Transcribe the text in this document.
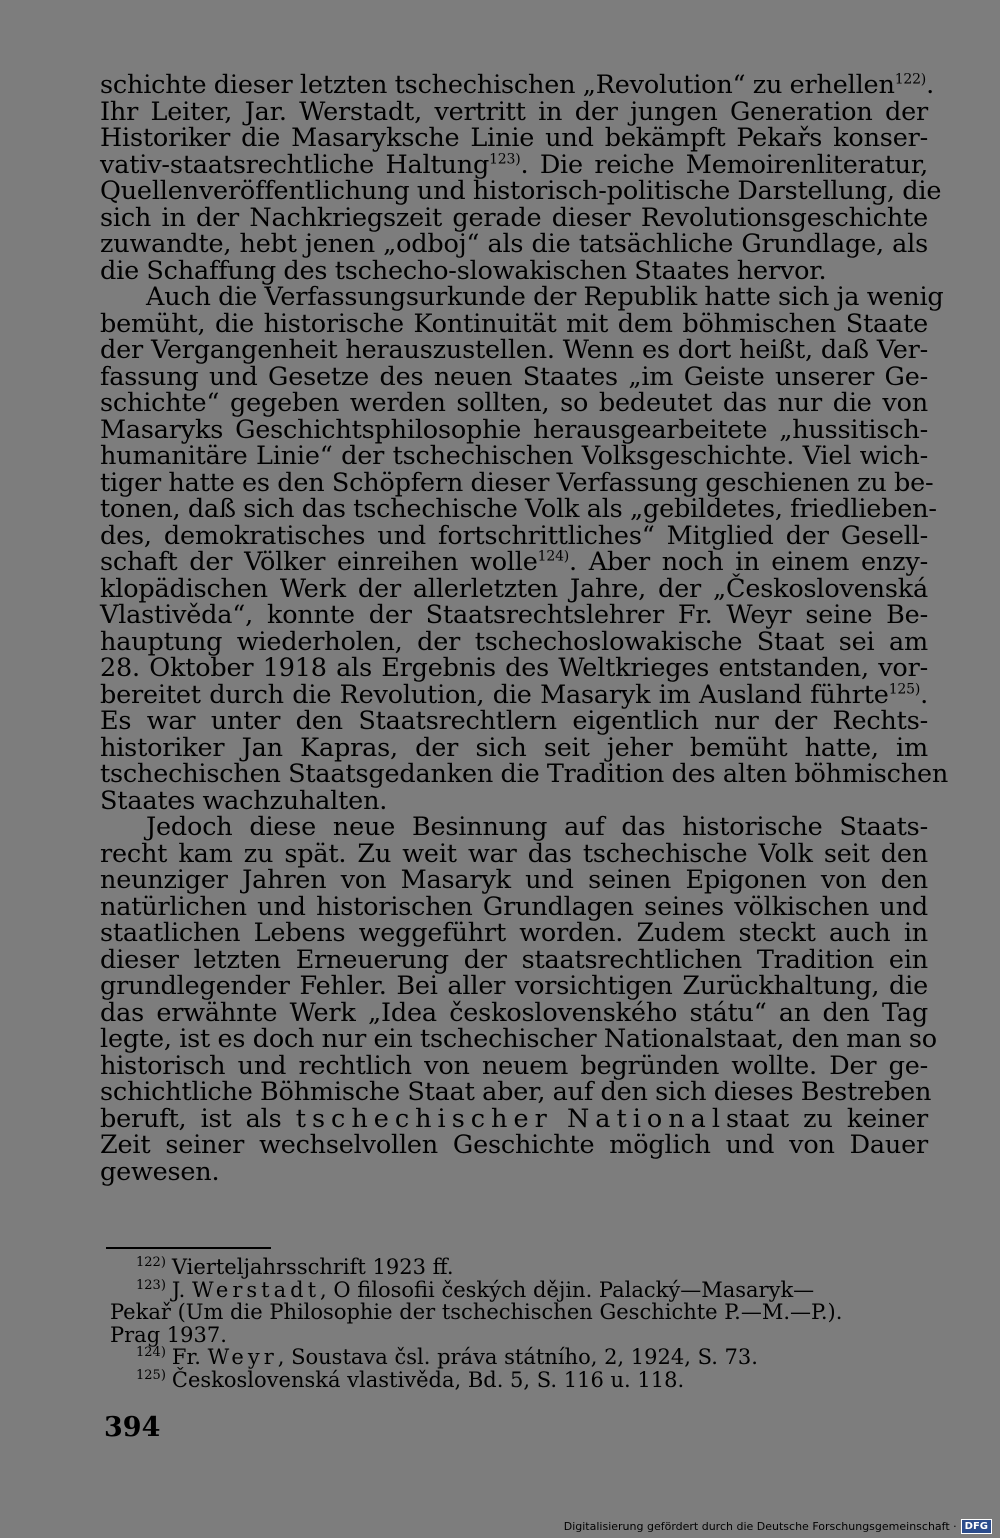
schichte dieser letzten tschechischen „Revolution“ zu erhellen$^{122)}$.
Ihr Leiter, Jar. Werstadt, vertritt in der jungen Generation der
Historiker die Masaryksche Linie und bekämpft Pekařs konser-
vativ-staatsrechtliche Haltung$^{123)}$. Die reiche Memoirenliteratur,
Quellenveröffentlichung und historisch-politische Darstellung, die
sich in der Nachkriegszeit gerade dieser Revolutionsgeschichte
zuwandte, hebt jenen „odboj“ als die tatsächliche Grundlage, als
die Schaffung des tschecho-slowakischen Staates hervor.

Auch die Verfassungsurkunde der Republik hatte sich ja wenig
bemüht, die historische Kontinuität mit dem böhmischen Staate
der Vergangenheit herauszustellen. Wenn es dort heißt, daß Ver-
fassung und Gesetze des neuen Staates „im Geiste unserer Ge-
schichte“ gegeben werden sollten, so bedeutet das nur die von
Masaryks Geschichtsphilosophie herausgearbeitete „hussitisch-
humanitäre Linie“ der tschechischen Volksgeschichte. Viel wich-
tiger hatte es den Schöpfern dieser Verfassung geschienen zu be-
tonen, daß sich das tschechische Volk als „gebildetes, friedlieben-
des, demokratisches und fortschrittliches“ Mitglied der Gesell-
schaft der Völker einreihen wolle$^{124)}$. Aber noch in einem enzy-
klopädischen Werk der allerletzten Jahre, der „Československá
Vlastivěda“, konnte der Staatsrechtslehrer Fr. Weyr seine Be-
hauptung wiederholen, der tschechoslowakische Staat sei am
28. Oktober 1918 als Ergebnis des Weltkrieges entstanden, vor-
bereitet durch die Revolution, die Masaryk im Ausland führte$^{125)}$.
Es war unter den Staatsrechtlern eigentlich nur der Rechts-
historiker Jan Kapras, der sich seit jeher bemüht hatte, im
tschechischen Staatsgedanken die Tradition des alten böhmischen
Staates wachzuhalten.

Jedoch diese neue Besinnung auf das historische Staats-
recht kam zu spät. Zu weit war das tschechische Volk seit den
neunziger Jahren von Masaryk und seinen Epigonen von den
natürlichen und historischen Grundlagen seines völkischen und
staatlichen Lebens weggeführt worden. Zudem steckt auch in
dieser letzten Erneuerung der staatsrechtlichen Tradition ein
grundlegender Fehler. Bei aller vorsichtigen Zurückhaltung, die
das erwähnte Werk „Idea československého státu“ an den Tag
legte, ist es doch nur ein tschechischer Nationalstaat, den man so
historisch und rechtlich von neuem begründen wollte. Der ge-
schichtliche Böhmische Staat aber, auf den sich dieses Bestreben
beruft, ist als tschechischer Nationalstaat zu keiner
Zeit seiner wechselvollen Geschichte möglich und von Dauer
gewesen.

$^{122)}$ Vierteljahrsschrift 1923 ff.

$^{123)}$ J. Werstadt, O filosofii českých dějin. Palacký—Masaryk—

Pekař (Um die Philosophie der tschechischen Geschichte P.—M.—P.).

Prag 1937.

$^{124)}$ Fr. Weyr, Soustava čsl. práva státního, 2, 1924, S. 73.

$^{125)}$ Československá vlastivěda, Bd. 5, S. 116 u. 118.

394
Digitalisierung gefördert durch die Deutsche Forschungsgemeinschaft · DFG
